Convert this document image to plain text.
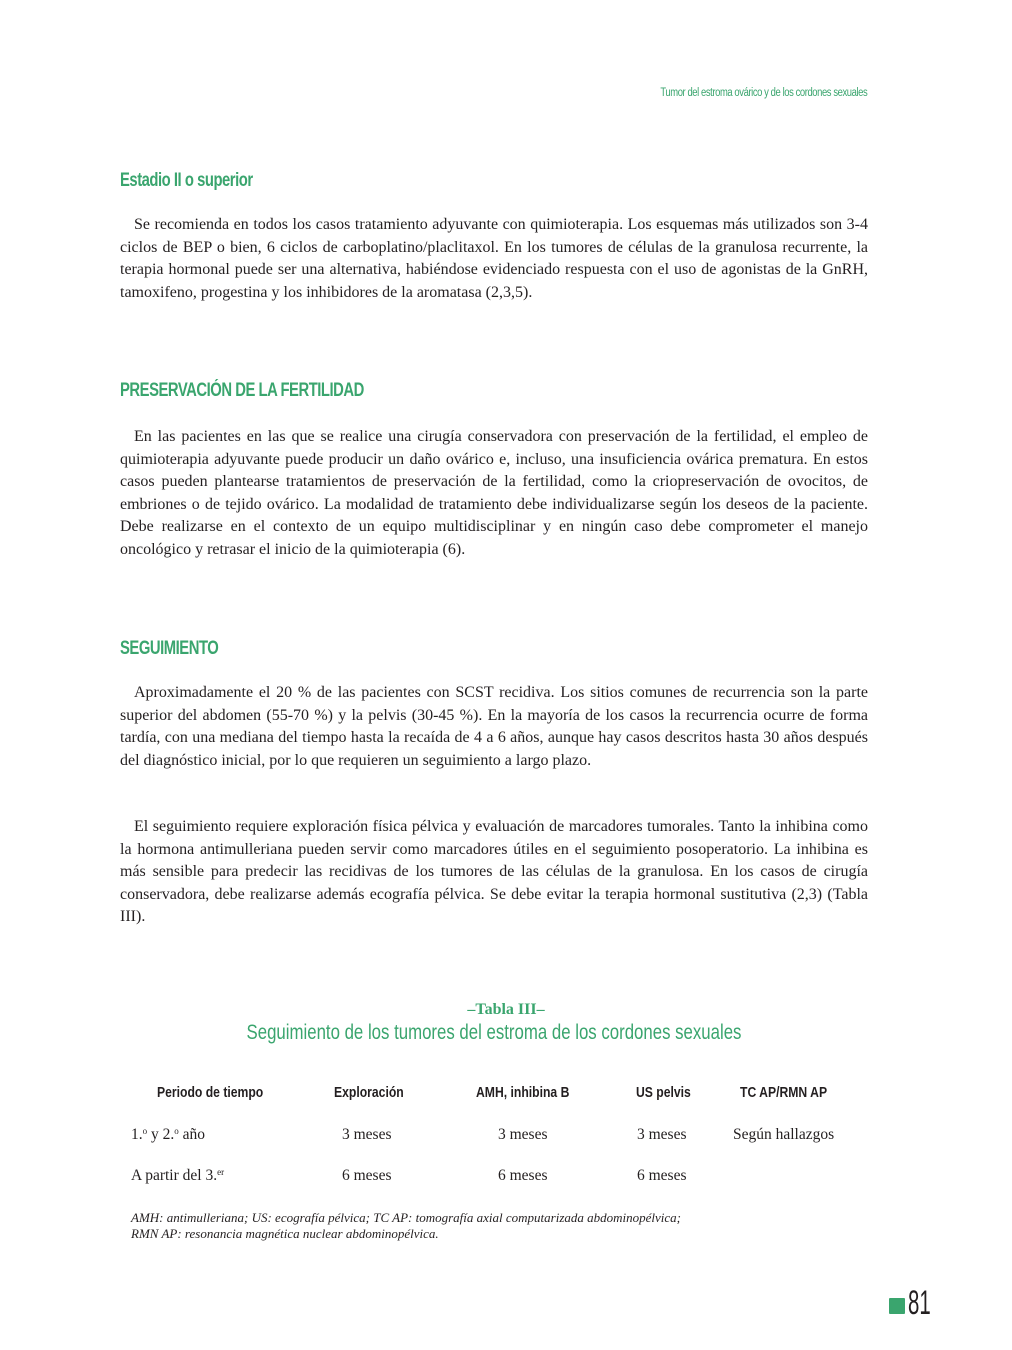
Tumor del estroma ovárico y de los cordones sexuales
Estadio II o superior

Se recomienda en todos los casos tratamiento adyuvante con quimioterapia. Los esquemas más utilizados son 3-4 ciclos de BEP o bien, 6 ciclos de carboplatino/placlitaxol. En los tumores de células de la granulosa recurrente, la terapia hormonal puede ser una alternativa, habiéndose evidenciado respuesta con el uso de agonistas de la GnRH, tamoxifeno, progestina y los inhibidores de la aromatasa (2,3,5).

PRESERVACIÓN DE LA FERTILIDAD

En las pacientes en las que se realice una cirugía conservadora con preservación de la fertilidad, el empleo de quimioterapia adyuvante puede producir un daño ovárico e, incluso, una insuficiencia ovárica prematura. En estos casos pueden plantearse tratamientos de preservación de la fertilidad, como la criopreservación de ovocitos, de embriones o de tejido ovárico. La modalidad de tratamiento debe individualizarse según los deseos de la paciente. Debe realizarse en el contexto de un equipo multidisciplinar y en ningún caso debe comprometer el manejo oncológico y retrasar el inicio de la quimioterapia (6).

SEGUIMIENTO

Aproximadamente el 20 % de las pacientes con SCST recidiva. Los sitios comunes de recurrencia son la parte superior del abdomen (55-70 %) y la pelvis (30-45 %). En la mayoría de los casos la recurrencia ocurre de forma tardía, con una mediana del tiempo hasta la recaída de 4 a 6 años, aunque hay casos descritos hasta 30 años después del diagnóstico inicial, por lo que requieren un seguimiento a largo plazo.

El seguimiento requiere exploración física pélvica y evaluación de marcadores tumorales. Tanto la inhibina como la hormona antimulleriana pueden servir como marcadores útiles en el seguimiento posoperatorio. La inhibina es más sensible para predecir las recidivas de los tumores de las células de la granulosa. En los casos de cirugía conservadora, debe realizarse además ecografía pélvica. Se debe evitar la terapia hormonal sustitutiva (2,3) (Tabla III).

–Tabla III–
Seguimiento de los tumores del estroma de los cordones sexuales
Periodo de tiempo	Exploración	AMH, inhibina B	US pelvis	TC AP/RMN AP
1.$^o$ y 2.$^o$ año	3 meses	3 meses	3 meses	Según hallazgos
A partir del 3.$^{er}$	6 meses	6 meses	6 meses
AMH: antimulleriana; US: ecografía pélvica; TC AP: tomografía axial computarizada abdominopélvica;
RMN AP: resonancia magnética nuclear abdominopélvica.
81
